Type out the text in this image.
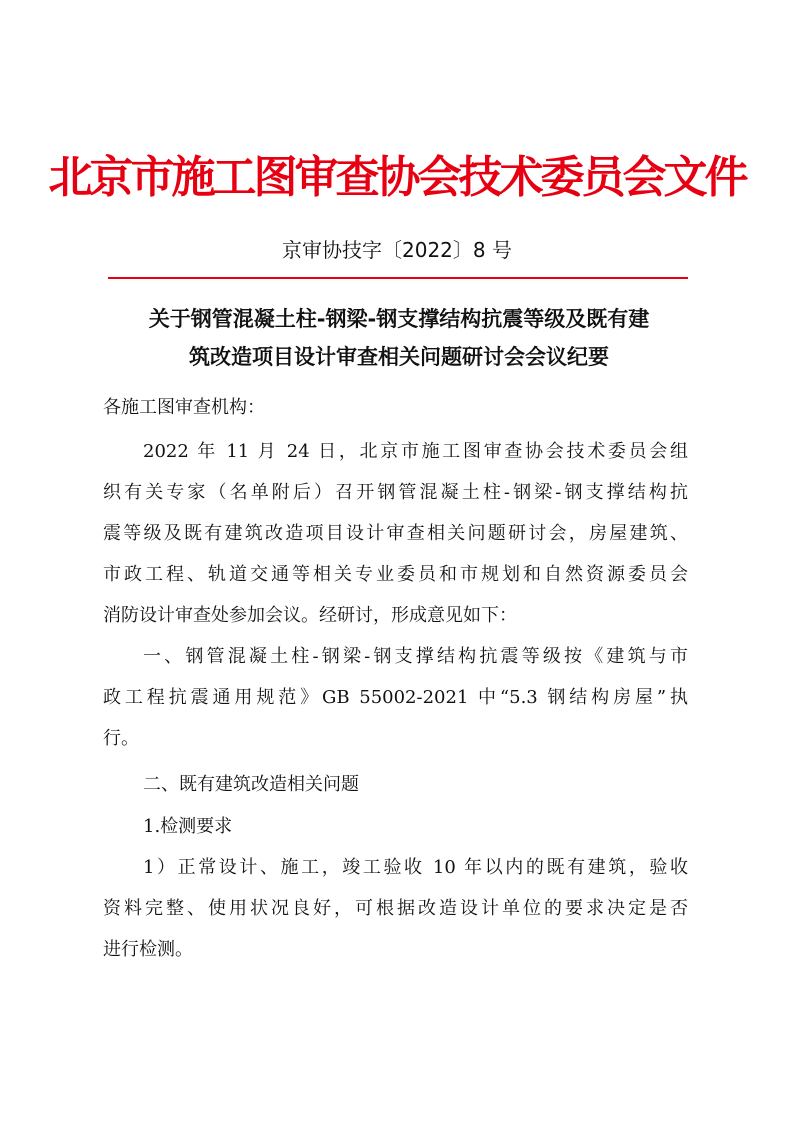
北京市施工图审查协会技术委员会文件
京审协技字〔2022〕8 号
关于钢管混凝土柱-钢梁-钢支撑结构抗震等级及既有建
筑改造项目设计审查相关问题研讨会会议纪要
各施工图审查机构：
2022 年 11 月 24 日，北京市施工图审查协会技术委员会组
织有关专家（名单附后）召开钢管混凝土柱-钢梁-钢支撑结构抗
震等级及既有建筑改造项目设计审查相关问题研讨会，房屋建筑、
市政工程、轨道交通等相关专业委员和市规划和自然资源委员会
消防设计审查处参加会议。经研讨，形成意见如下：
一、钢管混凝土柱-钢梁-钢支撑结构抗震等级按《建筑与市
政工程抗震通用规范》GB 55002-2021 中“5.3 钢结构房屋”执
行。
二、既有建筑改造相关问题
1.检测要求
1）正常设计、施工，竣工验收 10 年以内的既有建筑，验收
资料完整、使用状况良好，可根据改造设计单位的要求决定是否
进行检测。
